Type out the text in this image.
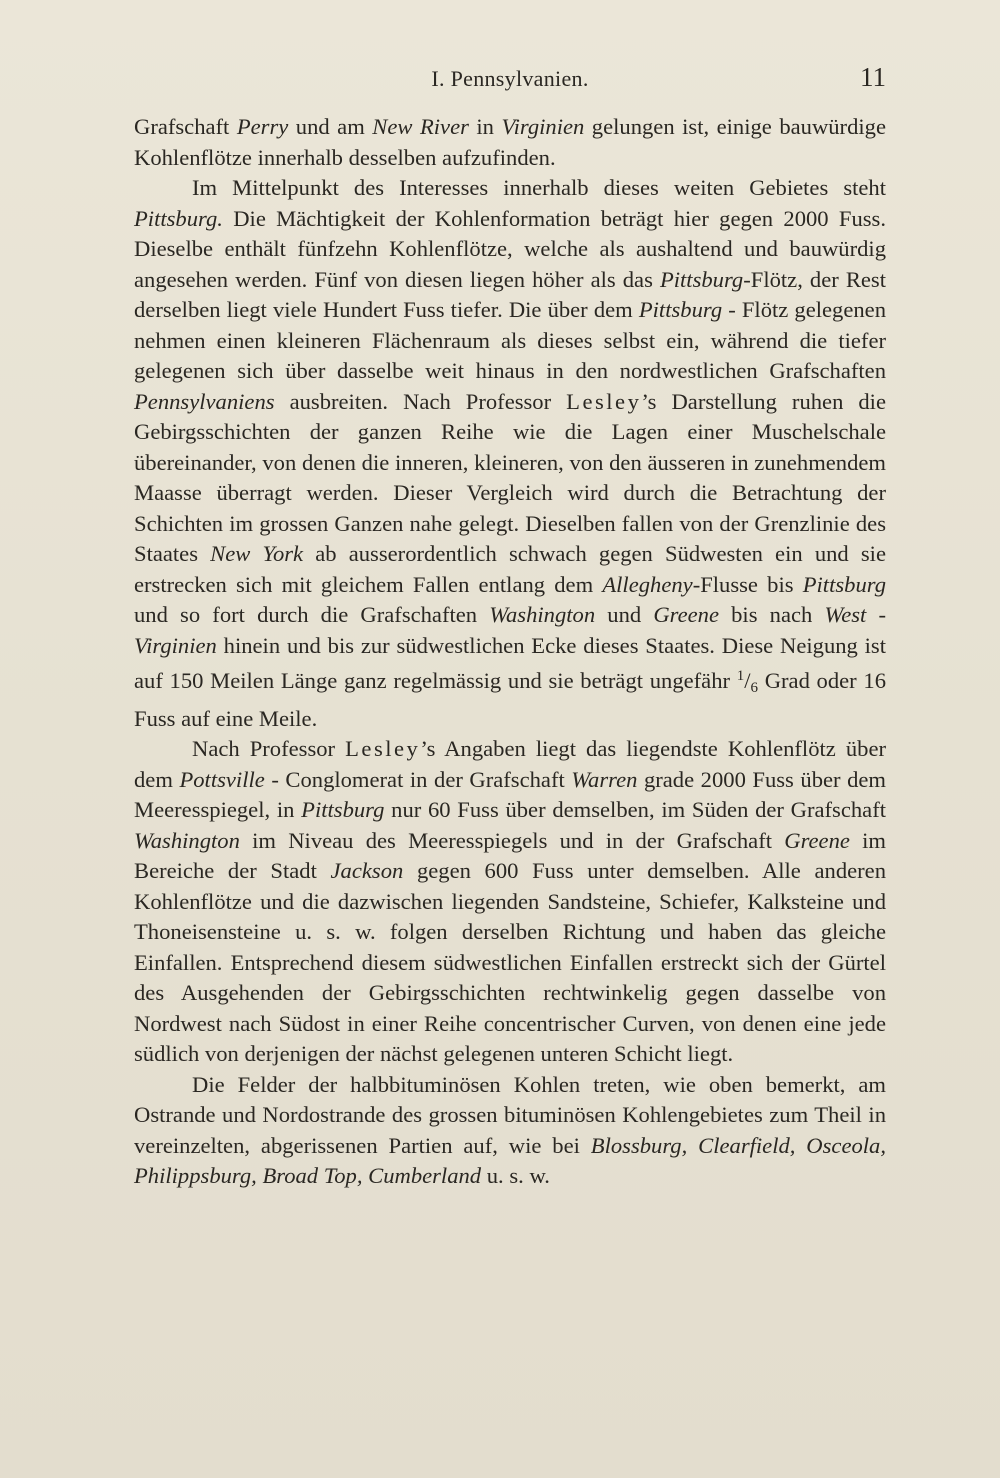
I. Pennsylvanien.	11

Grafschaft Perry und am New River in Virginien gelungen ist, einige bauwürdige Kohlenflötze innerhalb desselben aufzufinden.

Im Mittelpunkt des Interesses innerhalb dieses weiten Gebietes steht Pittsburg. Die Mächtigkeit der Kohlenformation beträgt hier gegen 2000 Fuss. Dieselbe enthält fünfzehn Kohlenflötze, welche als aushaltend und bauwürdig angesehen werden. Fünf von diesen liegen höher als das Pittsburg-Flötz, der Rest derselben liegt viele Hundert Fuss tiefer. Die über dem Pittsburg - Flötz gelegenen nehmen einen kleineren Flächenraum als dieses selbst ein, während die tiefer gelegenen sich über dasselbe weit hinaus in den nordwestlichen Grafschaften Pennsylvaniens ausbreiten. Nach Professor Lesley’s Darstellung ruhen die Gebirgsschichten der ganzen Reihe wie die Lagen einer Muschelschale übereinander, von denen die inneren, kleineren, von den äusseren in zunehmendem Maasse überragt werden. Dieser Vergleich wird durch die Betrachtung der Schichten im grossen Ganzen nahe gelegt. Dieselben fallen von der Grenzlinie des Staates New York ab ausserordentlich schwach gegen Südwesten ein und sie erstrecken sich mit gleichem Fallen entlang dem Allegheny-Flusse bis Pittsburg und so fort durch die Grafschaften Washington und Greene bis nach West - Virginien hinein und bis zur südwestlichen Ecke dieses Staates. Diese Neigung ist auf 150 Meilen Länge ganz regelmässig und sie beträgt ungefähr $^1/_6$ Grad oder 16 Fuss auf eine Meile.

Nach Professor Lesley’s Angaben liegt das liegendste Kohlenflötz über dem Pottsville - Conglomerat in der Grafschaft Warren grade 2000 Fuss über dem Meeresspiegel, in Pittsburg nur 60 Fuss über demselben, im Süden der Grafschaft Washington im Niveau des Meeresspiegels und in der Grafschaft Greene im Bereiche der Stadt Jackson gegen 600 Fuss unter demselben. Alle anderen Kohlenflötze und die dazwischen liegenden Sandsteine, Schiefer, Kalksteine und Thoneisensteine u. s. w. folgen derselben Richtung und haben das gleiche Einfallen. Entsprechend diesem südwestlichen Einfallen erstreckt sich der Gürtel des Ausgehenden der Gebirgsschichten rechtwinkelig gegen dasselbe von Nordwest nach Südost in einer Reihe concentrischer Curven, von denen eine jede südlich von derjenigen der nächst gelegenen unteren Schicht liegt.

Die Felder der halbbituminösen Kohlen treten, wie oben bemerkt, am Ostrande und Nordostrande des grossen bituminösen Kohlengebietes zum Theil in vereinzelten, abgerissenen Partien auf, wie bei Blossburg, Clearfield, Osceola, Philippsburg, Broad Top, Cumberland u. s. w.
